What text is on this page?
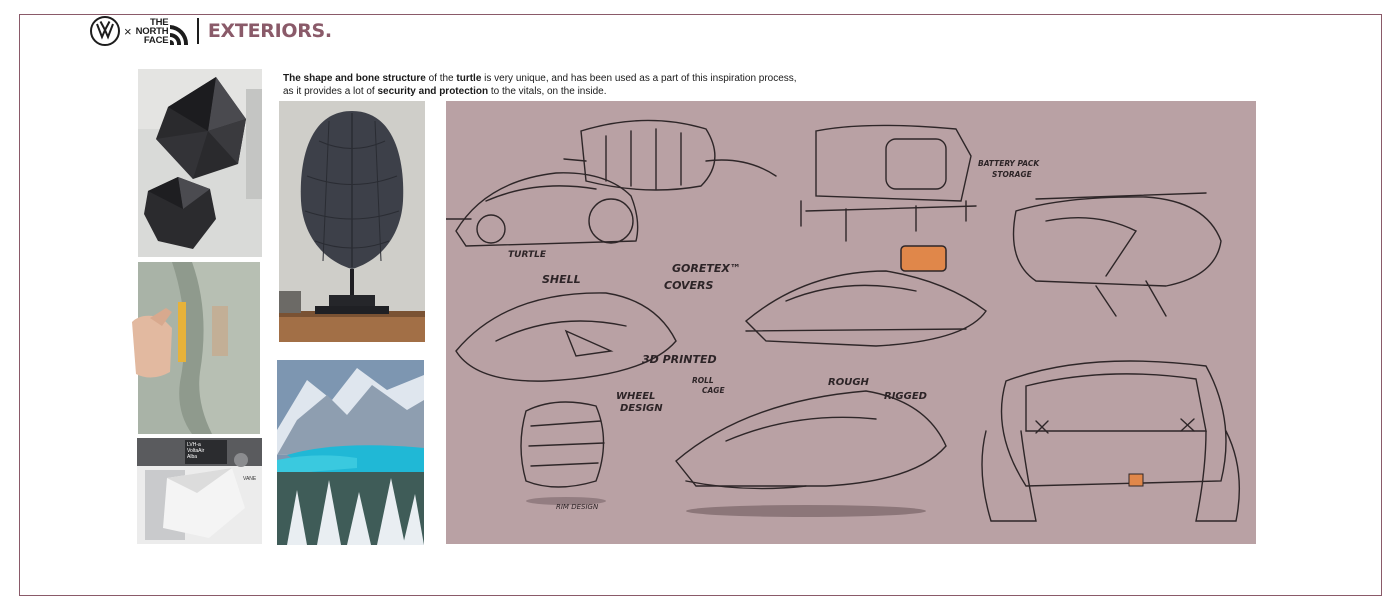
×
THE
NORTH
FACE EXTERIORS.

The shape and bone structure of the turtle is very unique, and has been used as a part of this inspiration process,

as it provides a lot of security and protection to the vitals, on the inside.

LVH-a
VoltaAir
Alba
VANE
TURTLE
SHELL
GORETEX™
COVERS
BATTERY PACK
STORAGE
3D PRINTED
WHEEL
DESIGN
ROLL
CAGE
ROUGH
RIGGED
RIM DESIGN
